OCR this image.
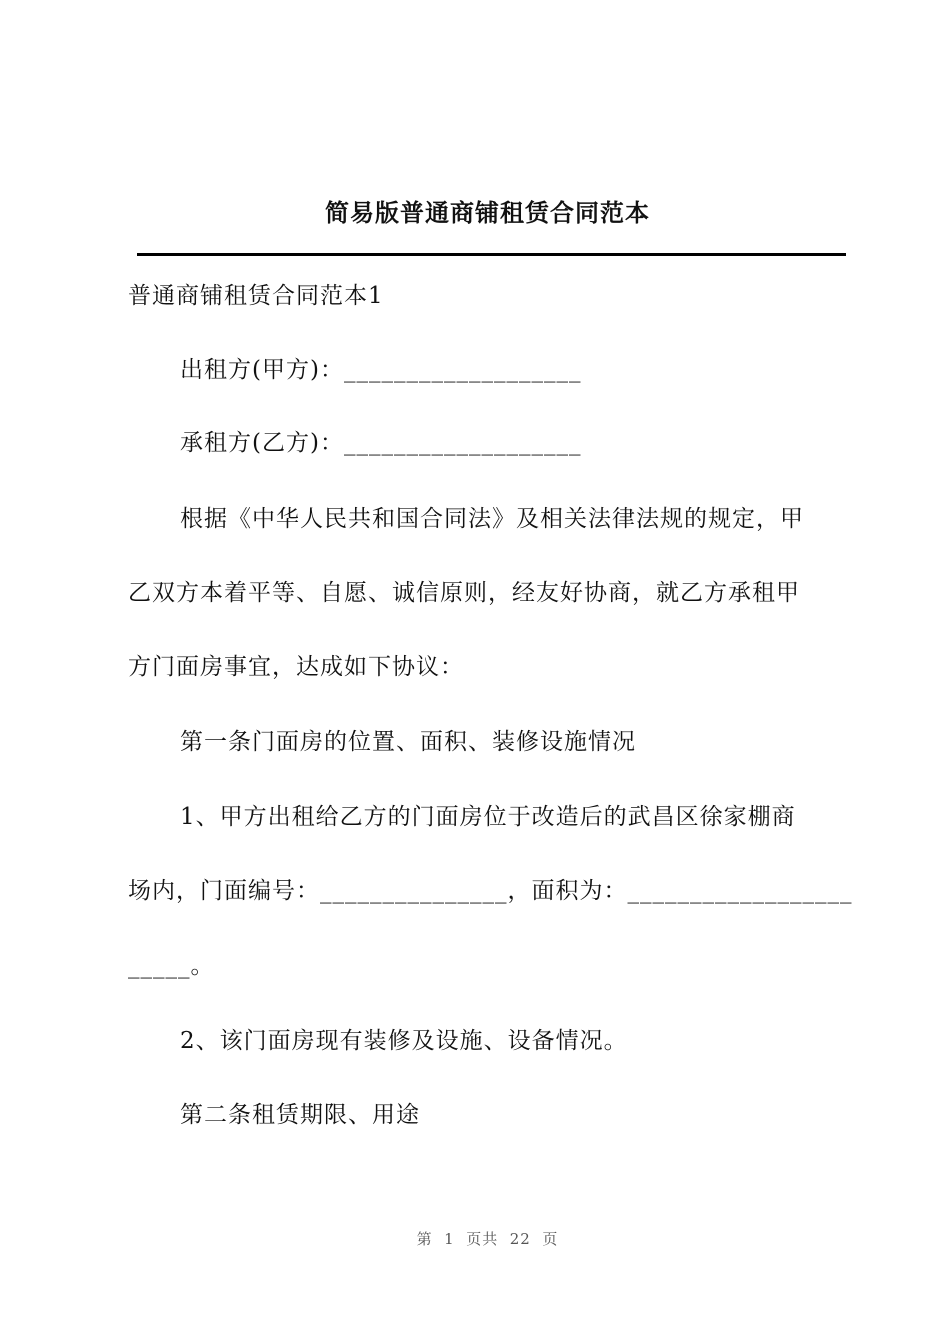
简易版普通商铺租赁合同范本
普通商铺租赁合同范本1
出租方(甲方)：___________________
承租方(乙方)：___________________
根据《中华人民共和国合同法》及相关法律法规的规定，甲
乙双方本着平等、自愿、诚信原则，经友好协商，就乙方承租甲
方门面房事宜，达成如下协议：
第一条门面房的位置、面积、装修设施情况
1、甲方出租给乙方的门面房位于改造后的武昌区徐家棚商
场内，门面编号：_______________，面积为：__________________
_____。
2、该门面房现有装修及设施、设备情况。
第二条租赁期限、用途
第  1  页共  22  页
